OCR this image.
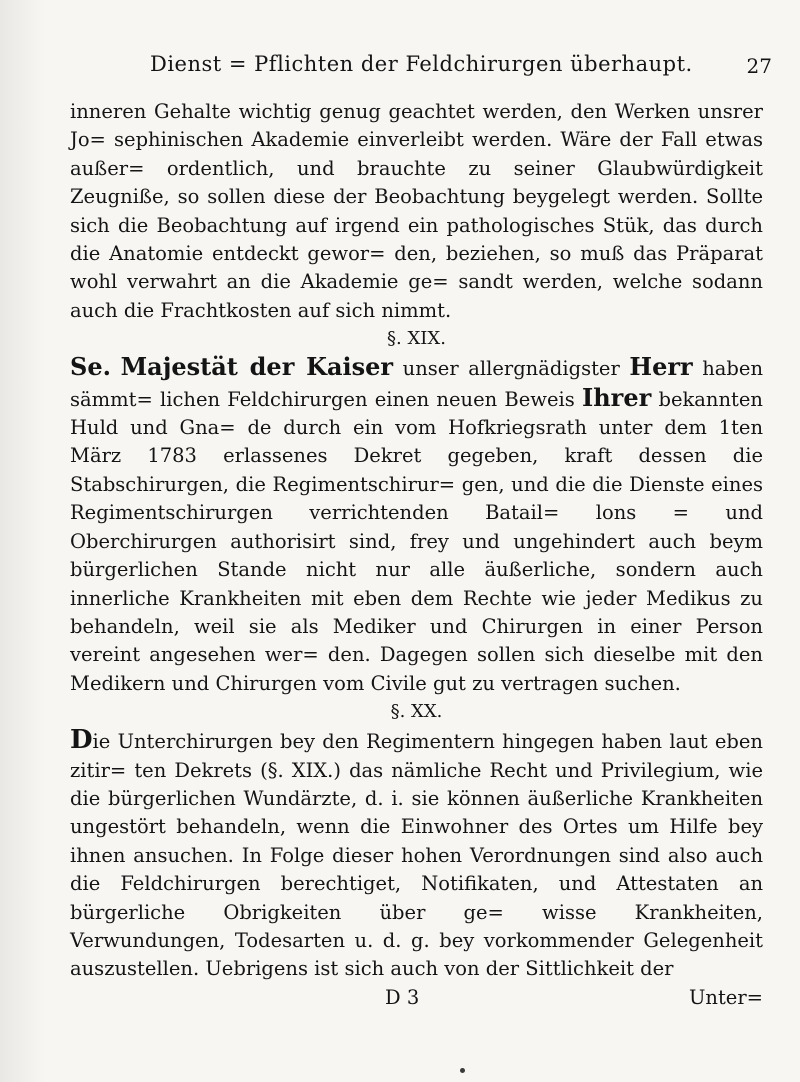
Dienst = Pflichten der Feldchirurgen überhaupt.	27

inneren Gehalte wichtig genug geachtet werden, den Werken unsrer Jo= sephinischen Akademie einverleibt werden. Wäre der Fall etwas außer= ordentlich, und brauchte zu seiner Glaubwürdigkeit Zeugniße, so sollen diese der Beobachtung beygelegt werden. Sollte sich die Beobachtung auf irgend ein pathologisches Stük, das durch die Anatomie entdeckt gewor= den, beziehen, so muß das Präparat wohl verwahrt an die Akademie ge= sandt werden, welche sodann auch die Frachtkosten auf sich nimmt.

§. XIX.

Se. Majestät der Kaiser unser allergnädigster Herr haben sämmt= lichen Feldchirurgen einen neuen Beweis Ihrer bekannten Huld und Gna= de durch ein vom Hofkriegsrath unter dem 1ten März 1783 erlassenes Dekret gegeben, kraft dessen die Stabschirurgen, die Regimentschirur= gen, und die die Dienste eines Regimentschirurgen verrichtenden Batail= lons = und Oberchirurgen authorisirt sind, frey und ungehindert auch beym bürgerlichen Stande nicht nur alle äußerliche, sondern auch innerliche Krankheiten mit eben dem Rechte wie jeder Medikus zu behandeln, weil sie als Mediker und Chirurgen in einer Person vereint angesehen wer= den. Dagegen sollen sich dieselbe mit den Medikern und Chirurgen vom Civile gut zu vertragen suchen.

§. XX.

Die Unterchirurgen bey den Regimentern hingegen haben laut eben zitir= ten Dekrets (§. XIX.) das nämliche Recht und Privilegium, wie die bürgerlichen Wundärzte, d. i. sie können äußerliche Krankheiten ungestört behandeln, wenn die Einwohner des Ortes um Hilfe bey ihnen ansuchen. In Folge dieser hohen Verordnungen sind also auch die Feldchirurgen berechtiget, Notifikaten, und Attestaten an bürgerliche Obrigkeiten über ge= wisse Krankheiten, Verwundungen, Todesarten u. d. g. bey vorkommender Gelegenheit auszustellen. Uebrigens ist sich auch von der Sittlichkeit der

D 3	Unter=
